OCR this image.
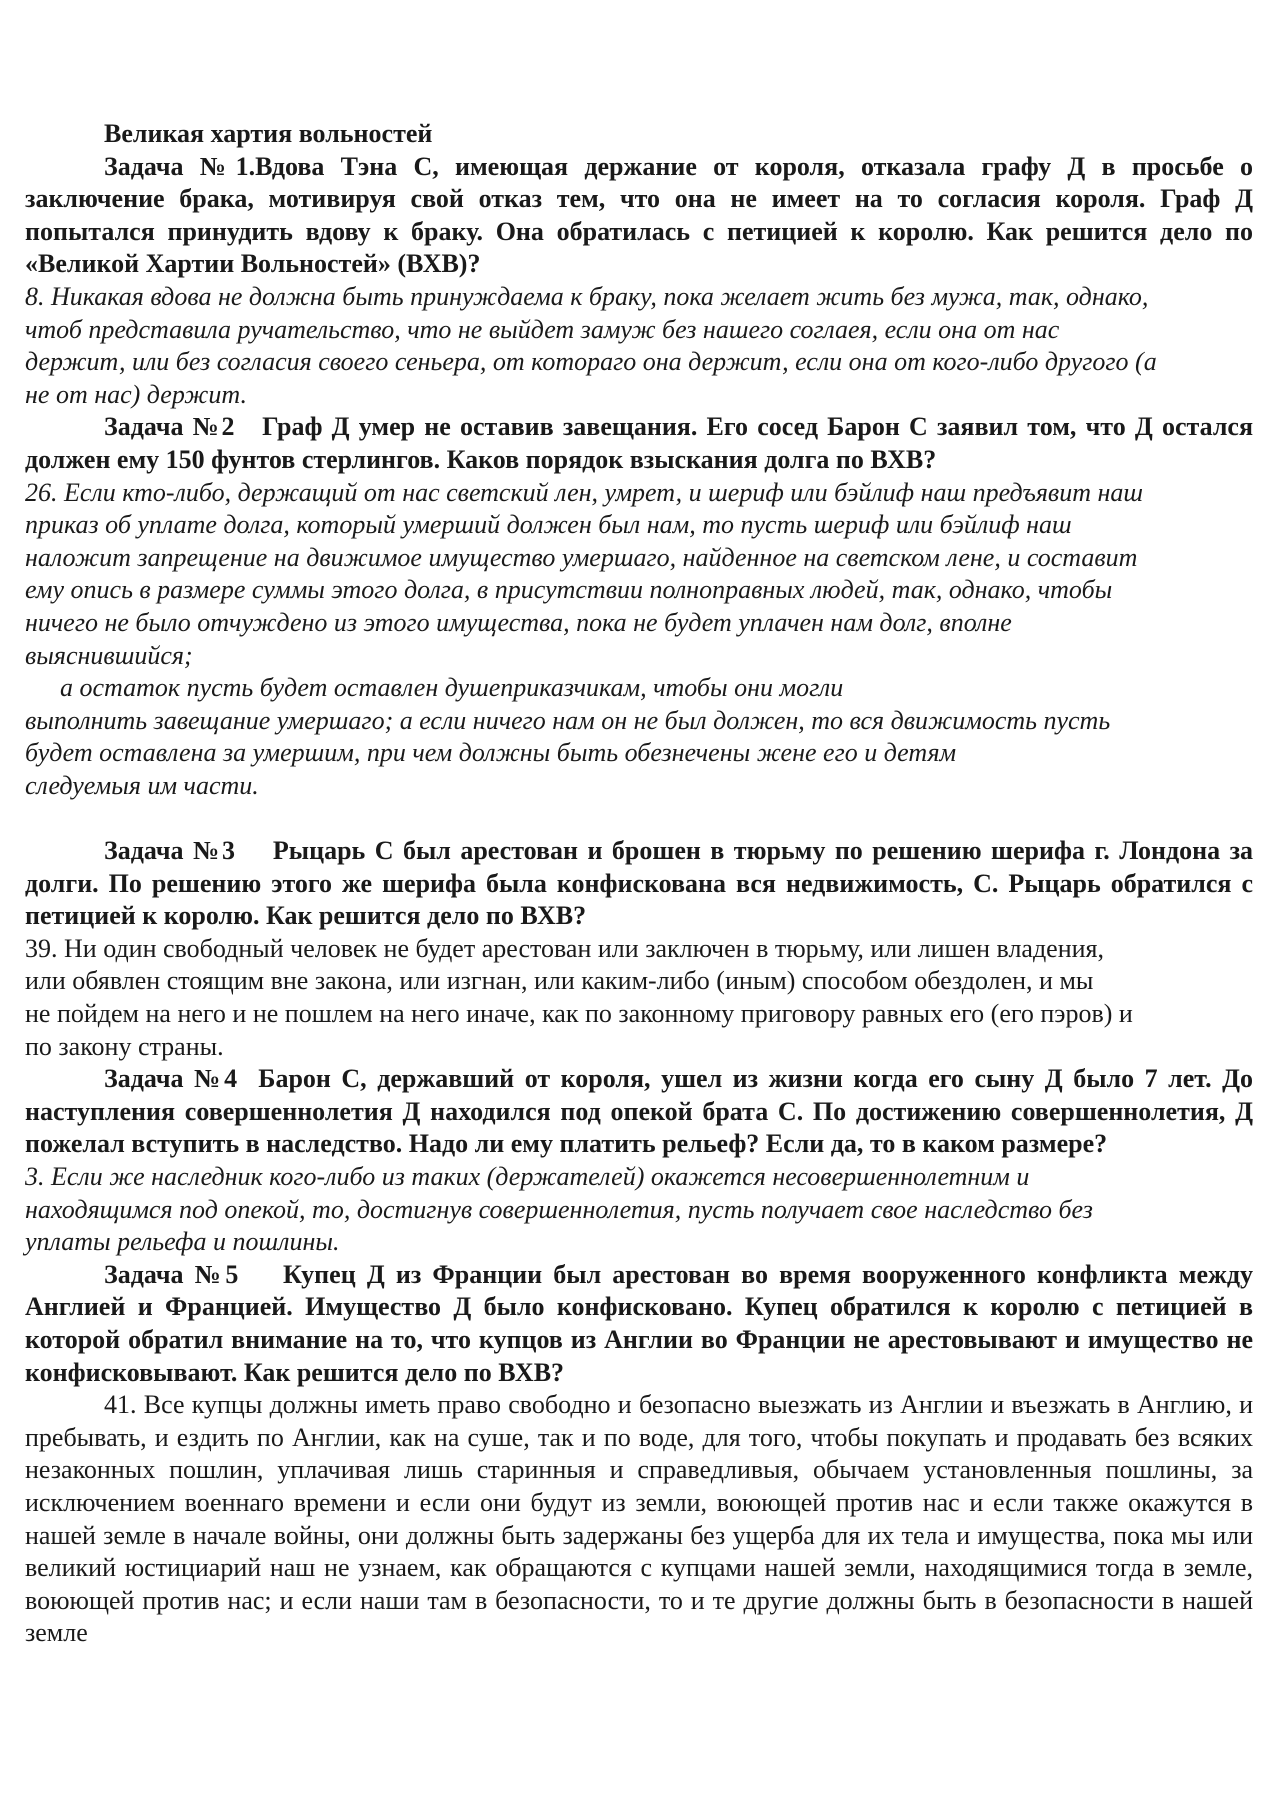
Великая хартия вольностей
Задача №1.Вдова Тэна С, имеющая держание от короля, отказала графу Д в просьбе о заключение брака, мотивируя свой отказ тем, что она не имеет на то согласия короля. Граф Д попытался принудить вдову к браку. Она обратилась с петицией к королю. Как решится дело по «Великой Хартии Вольностей» (ВХВ)?
8. Никакая вдова не должна быть принуждаема к браку, пока желает жить без мужа, так, однако,
чтоб представила ручательство, что не выйдет замуж без нашего соглаея, если она от нас
держит, или без согласия своего сеньера, от котораго она держит, если она от кого-либо другого (а
не от нас) держит.
Задача №2 Граф Д умер не оставив завещания. Его сосед Барон С заявил том, что Д остался должен ему 150 фунтов стерлингов. Каков порядок взыскания долга по ВХВ?
26. Если кто-либо, держащий от нас светский лен, умрет, и шериф или бэйлиф наш предъявит наш
приказ об уплате долга, который умерший должен был нам, то пусть шериф или бэйлиф наш
наложит запрещение на движимое имущество умершаго, найденное на светском лене, и составит
ему опись в размере суммы этого долга, в присутствии полноправных людей, так, однако, чтобы
ничего не было отчуждено из этого имущества, пока не будет уплачен нам долг, вполне
выяснившийся;
а остаток пусть будет оставлен душеприказчикам, чтобы они могли
выполнить завещание умершаго; а если ничего нам он не был должен, то вся движимость пусть
будет оставлена за умершим, при чем должны быть обезнечены жене его и детям
следуемыя им части.
Задача №3 Рыцарь С был арестован и брошен в тюрьму по решению шерифа г. Лондона за долги. По решению этого же шерифа была конфискована вся недвижимость, С. Рыцарь обратился с петицией к королю. Как решится дело по ВХВ?
39. Ни один свободный человек не будет арестован или заключен в тюрьму, или лишен владения,
или обявлен стоящим вне закона, или изгнан, или каким-либо (иным) способом обездолен, и мы
не пойдем на него и не пошлем на него иначе, как по законному приговору равных его (его пэров) и
по закону страны.
Задача №4 Барон С, державший от короля, ушел из жизни когда его сыну Д было 7 лет. До наступления совершеннолетия Д находился под опекой брата С. По достижению совершеннолетия, Д пожелал вступить в наследство. Надо ли ему платить рельеф? Если да, то в каком размере?
3. Если же наследник кого-либо из таких (держателей) окажется несовершеннолетним и
находящимся под опекой, то, достигнув совершеннолетия, пусть получает свое наследство без
уплаты рельефа и пошлины.
Задача №5 Купец Д из Франции был арестован во время вооруженного конфликта между Англией и Францией. Имущество Д было конфисковано. Купец обратился к королю с петицией в которой обратил внимание на то, что купцов из Англии во Франции не арестовывают и имущество не конфисковывают. Как решится дело по ВХВ?
41. Все купцы должны иметь право свободно и безопасно выезжать из Англии и въезжать в Англию, и пребывать, и ездить по Англии, как на суше, так и по воде, для того, чтобы покупать и продавать без всяких незаконных пошлин, уплачивая лишь старинныя и справедливыя, обычаем установленныя пошлины, за исключением военнаго времени и если они будут из земли, воюющей против нас и если также окажутся в нашей земле в начале войны, они должны быть задержаны без ущерба для их тела и имущества, пока мы или великий юстициарий наш не узнаем, как обращаются с купцами нашей земли, находящимися тогда в земле, воюющей против нас; и если наши там в безопасности, то и те другие должны быть в безопасности в нашей земле
